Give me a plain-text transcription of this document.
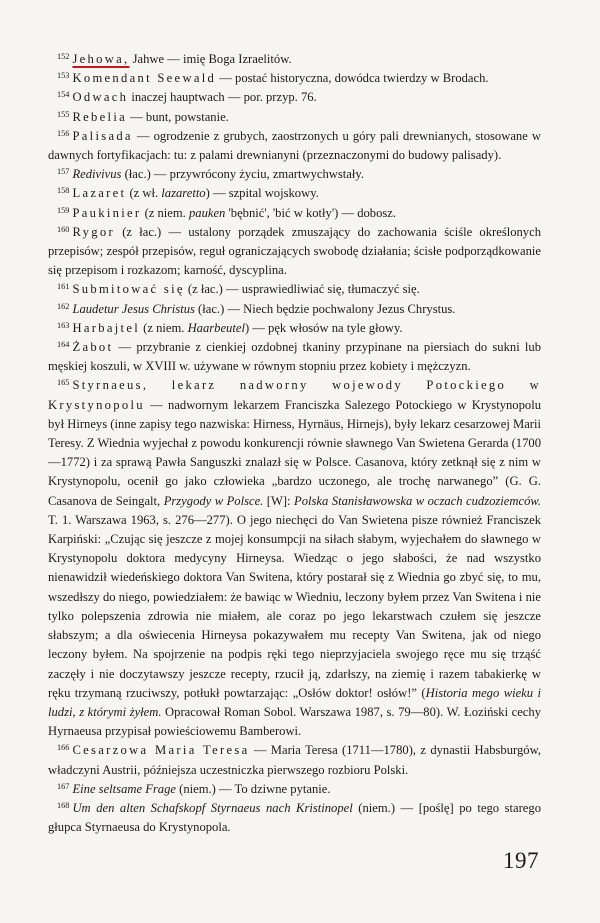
$^{152}$ Jehowa, Jahwe — imię Boga Izraelitów.

$^{153}$ Komendant Seewald — postać historyczna, dowódca twierdzy w Brodach.

$^{154}$ Odwach inaczej hauptwach — por. przyp. 76.

$^{155}$ Rebelia — bunt, powstanie.

$^{156}$ Palisada — ogrodzenie z grubych, zaostrzonych u góry pali drewnianych, stosowane w dawnych fortyfikacjach: tu: z palami drewnianyni (przeznaczonymi do budowy palisady).

$^{157}$ Redivivus (łac.) — przywrócony życiu, zmartwychwstały.

$^{158}$ Lazaret (z wł. lazaretto) — szpital wojskowy.

$^{159}$ Paukinier (z niem. pauken 'bębnić', 'bić w kotły') — dobosz.

$^{160}$ Rygor (z łac.) — ustalony porządek zmuszający do zachowania ściśle określonych przepisów; zespół przepisów, reguł ograniczających swobodę działania; ścisłe podporządkowanie się przepisom i rozkazom; karność, dyscyplina.

$^{161}$ Submitować się (z łac.) — usprawiedliwiać się, tłumaczyć się.

$^{162}$ Laudetur Jesus Christus (łac.) — Niech będzie pochwalony Jezus Chrystus.

$^{163}$ Harbajtel (z niem. Haarbeutel) — pęk włosów na tyle głowy.

$^{164}$ Żabot — przybranie z cienkiej ozdobnej tkaniny przypinane na piersiach do sukni lub męskiej koszuli, w XVIII w. używane w równym stopniu przez kobiety i mężczyzn.

$^{165}$ Styrnaeus, lekarz nadworny wojewody Potockiego w Krystynopolu — nadwornym lekarzem Franciszka Salezego Potockiego w Krystynopolu był Hirneys (inne zapisy tego nazwiska: Hirness, Hyrnäus, Hirnejs), były lekarz cesarzowej Marii Teresy. Z Wiednia wyjechał z powodu konkurencji równie sławnego Van Swietena Gerarda (1700—1772) i za sprawą Pawła Sanguszki znalazł się w Polsce. Casanova, który zetknął się z nim w Krystynopolu, ocenił go jako człowieka „bardzo uczonego, ale trochę narwanego” (G. G. Casanova de Seingalt, Przygody w Polsce. [W]: Polska Stanisławowska w oczach cudzoziemców. T. 1. Warszawa 1963, s. 276—277). O jego niechęci do Van Swietena pisze również Franciszek Karpiński: „Czując się jeszcze z mojej konsumpcji na siłach słabym, wyjechałem do sławnego w Krystynopolu doktora medycyny Hirneysa. Wiedząc o jego słabości, że nad wszystko nienawidził wiedeńskiego doktora Van Switena, który postarał się z Wiednia go zbyć się, to mu, wszedłszy do niego, powiedziałem: że bawiąc w Wiedniu, leczony byłem przez Van Switena i nie tylko polepszenia zdrowia nie miałem, ale coraz po jego lekarstwach czułem się jeszcze słabszym; a dla oświecenia Hirneysa pokazywałem mu recepty Van Switena, jak od niego leczony byłem. Na spojrzenie na podpis ręki tego nieprzyjaciela swojego ręce mu się trząść zaczęły i nie doczytawszy jeszcze recepty, rzucił ją, zdarłszy, na ziemię i razem tabakierkę w ręku trzymaną rzuciwszy, potłukł powtarzając: „Osłów doktor! osłów!” (Historia mego wieku i ludzi, z którymi żyłem. Opracował Roman Sobol. Warszawa 1987, s. 79—80). W. Łoziński cechy Hyrnaeusa przypisał powieściowemu Bamberowi.

$^{166}$ Cesarzowa Maria Teresa — Maria Teresa (1711—1780), z dynastii Habsburgów, władczyni Austrii, późniejsza uczestniczka pierwszego rozbioru Polski.

$^{167}$ Eine seltsame Frage (niem.) — To dziwne pytanie.

$^{168}$ Um den alten Schafskopf Styrnaeus nach Kristinopel (niem.) — [poślę] po tego starego głupca Styrnaeusa do Krystynopola.

197
